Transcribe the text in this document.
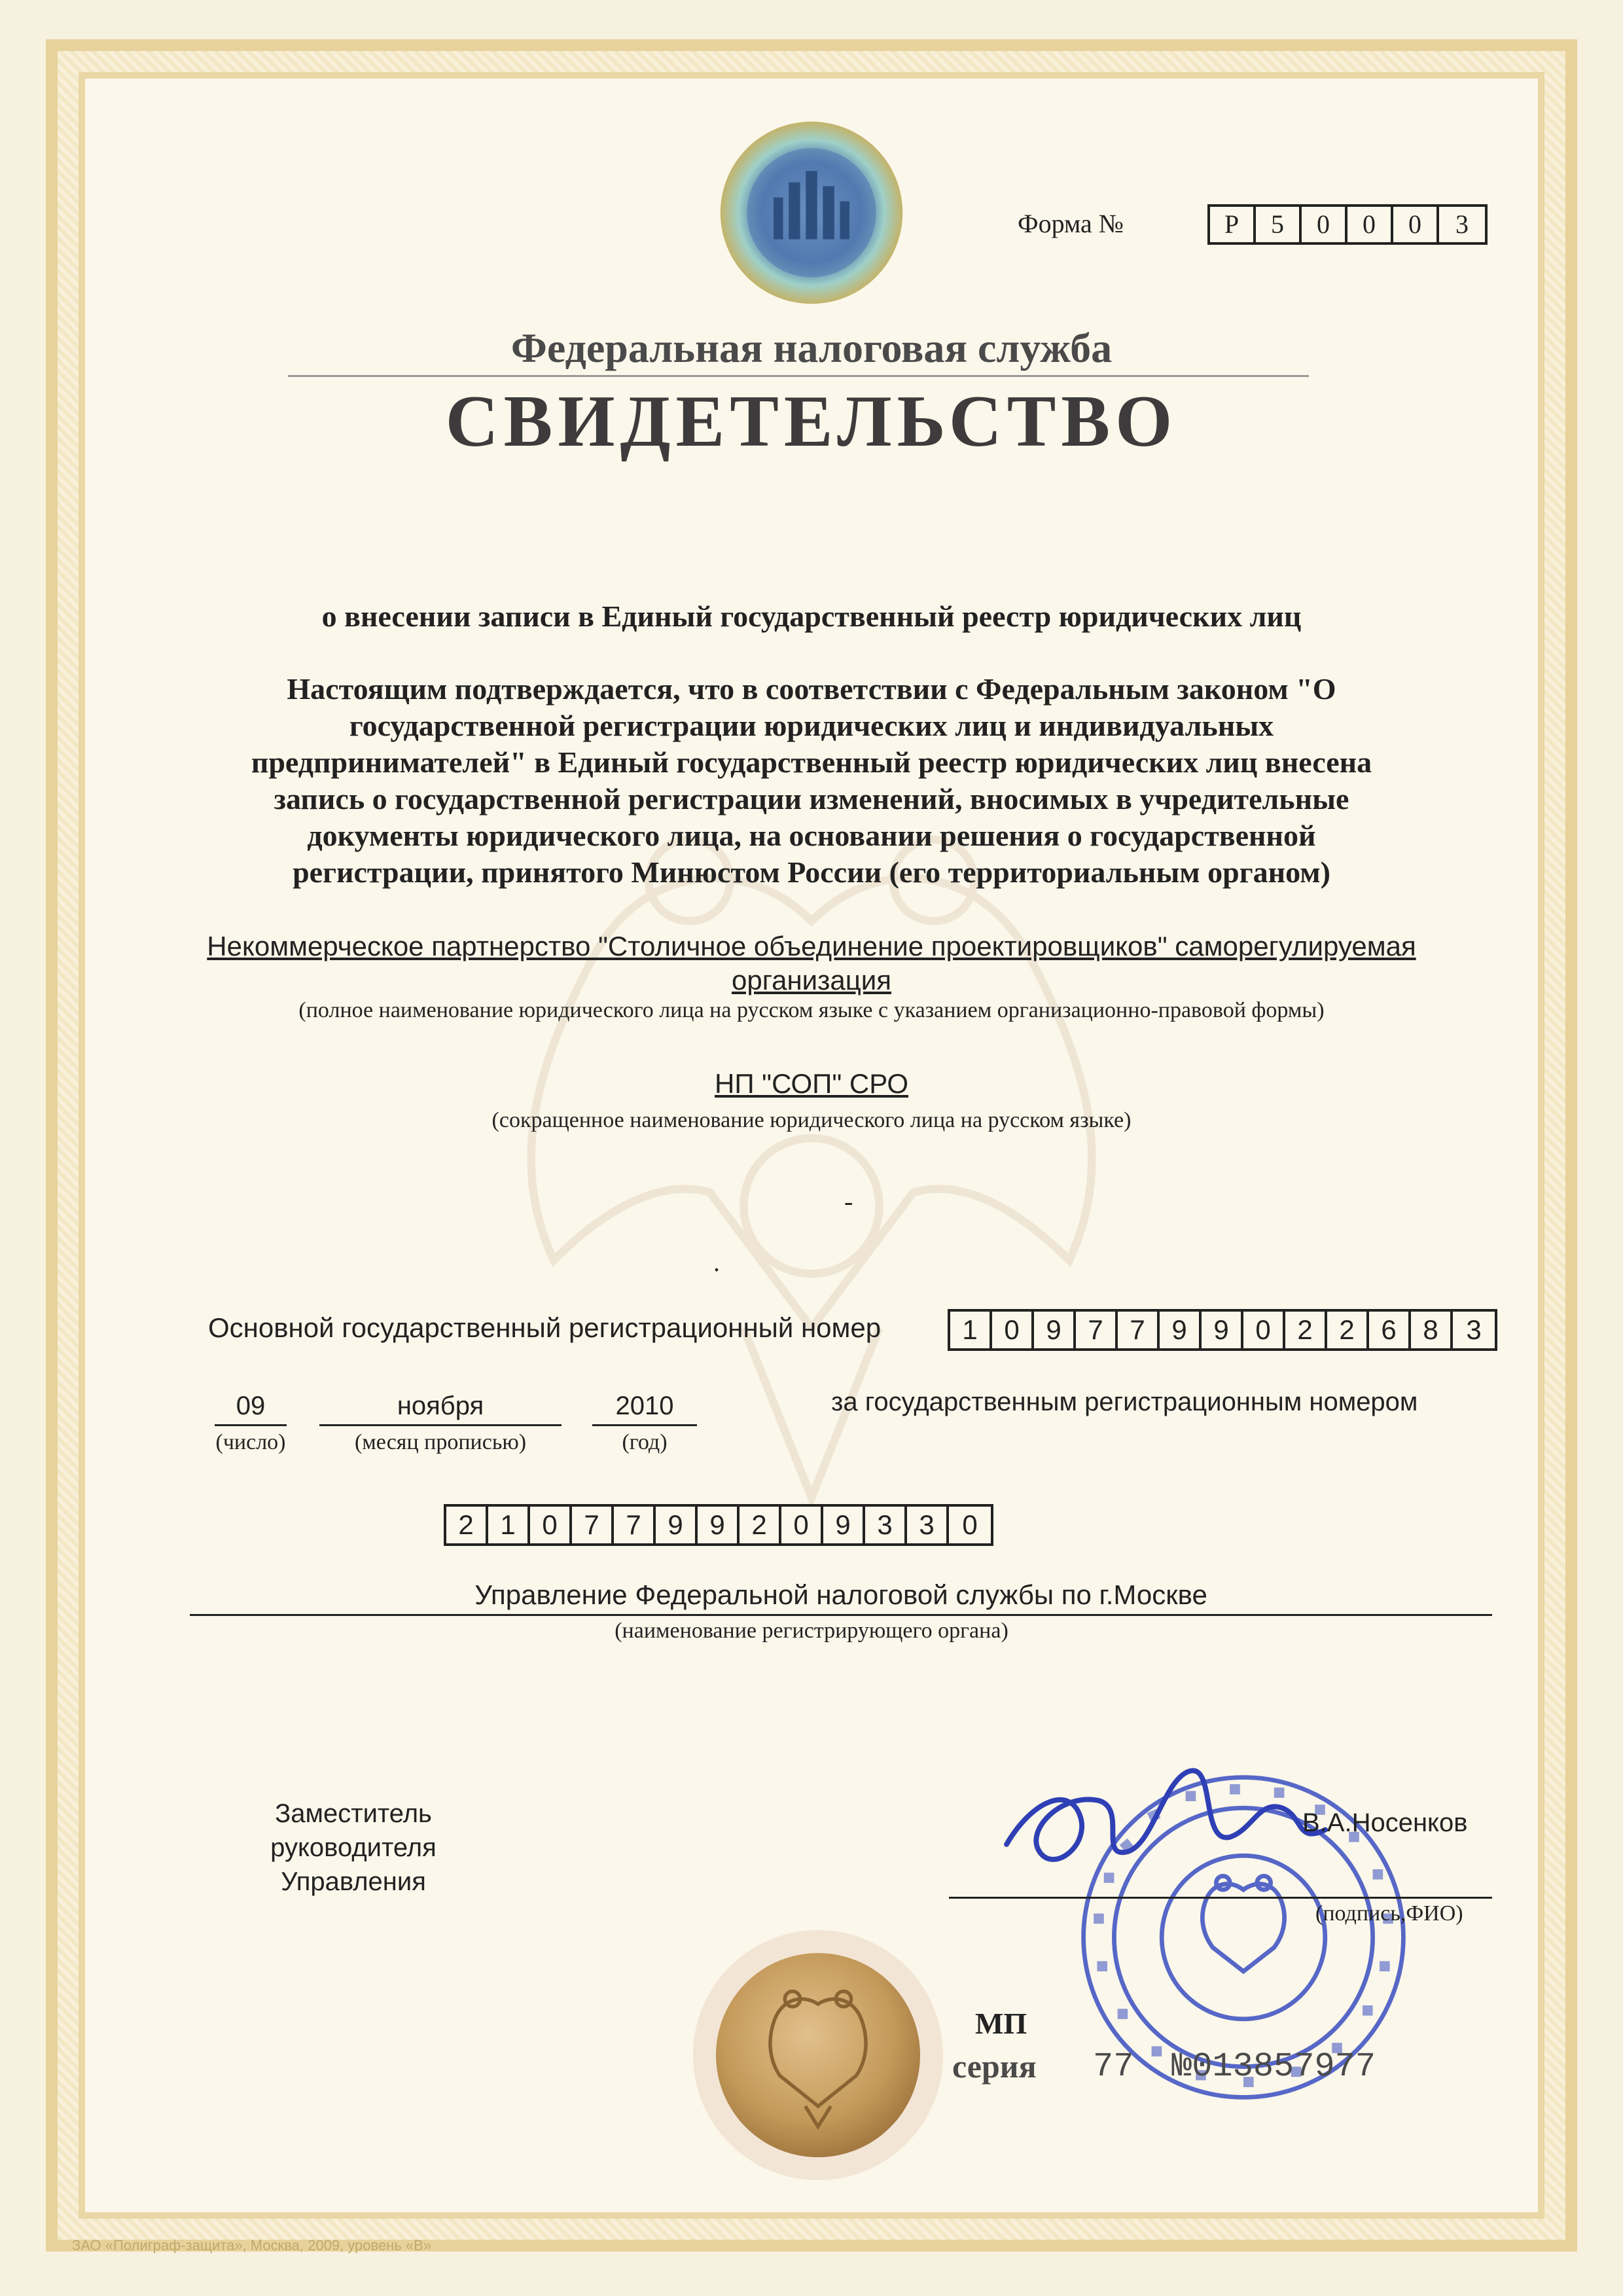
Форма №	Р	5	0	0	0	3
Федеральная налоговая служба
СВИДЕТЕЛЬСТВО
о внесении записи в Единый государственный реестр юридических лиц
Настоящим подтверждается, что в соответствии с Федеральным законом "О государственной регистрации юридических лиц и индивидуальных предпринимателей" в Единый государственный реестр юридических лиц внесена запись о государственной регистрации изменений, вносимых в учредительные документы юридического лица, на основании решения о государственной регистрации, принятого Минюстом России (его территориальным органом)
Некоммерческое партнерство "Столичное объединение проектировщиков" саморегулируемая организация
(полное наименование юридического лица на русском языке с указанием организационно-правовой формы)
НП "СОП" СРО
(сокращенное наименование юридического лица на русском языке)
-
.
Основной государственный регистрационный номер	1 0 9 7 7 9 9 0 2 2 6 8	3
09
(число)
ноября
(месяц прописью)
2010
(год)
за государственным регистрационным номером
2 1 0 7 7 9 9 2 0 9 3 3	0
Управление Федеральной налоговой службы по г.Москве
(наименование регистрирующего органа)
Заместитель руководителя
Управления
В.А.Носенков
(подпись,ФИО)
МП
серия 77 №013857977
ЗАО «Полиграф-защита», Москва, 2009, уровень «В»
